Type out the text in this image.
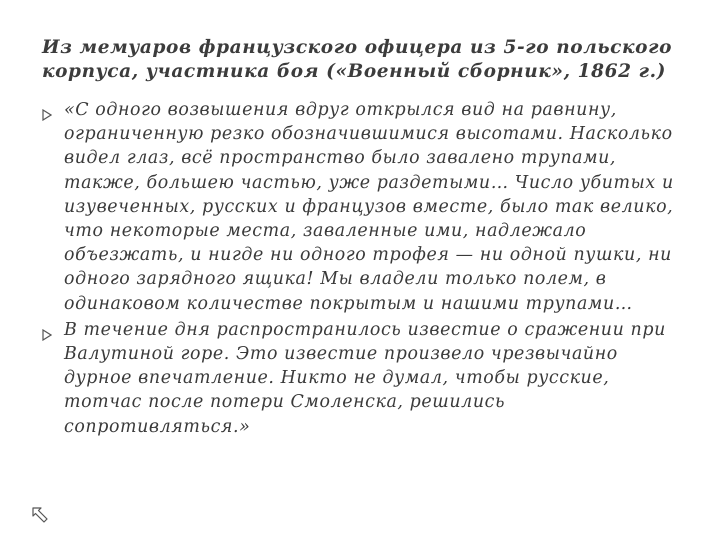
Из мемуаров французского офицера из 5-го польского корпуса, участника боя («Военный сборник», 1862 г.)
«С одного возвышения вдруг открылся вид на равнину, ограниченную резко обозначившимися высотами. Насколько видел глаз, всё пространство было завалено трупами, также, большею частью, уже раздетыми… Число убитых и изувеченных, русских и французов вместе, было так велико, что некоторые места, заваленные ими, надлежало объезжать, и нигде ни одного трофея — ни одной пушки, ни одного зарядного ящика! Мы владели только полем, в одинаковом количестве покрытым и нашими трупами…
В течение дня распространилось известие о сражении при Валутиной горе. Это известие произвело чрезвычайно дурное впечатление. Никто не думал, чтобы русские, тотчас после потери Смоленска, решились сопротивляться.»
